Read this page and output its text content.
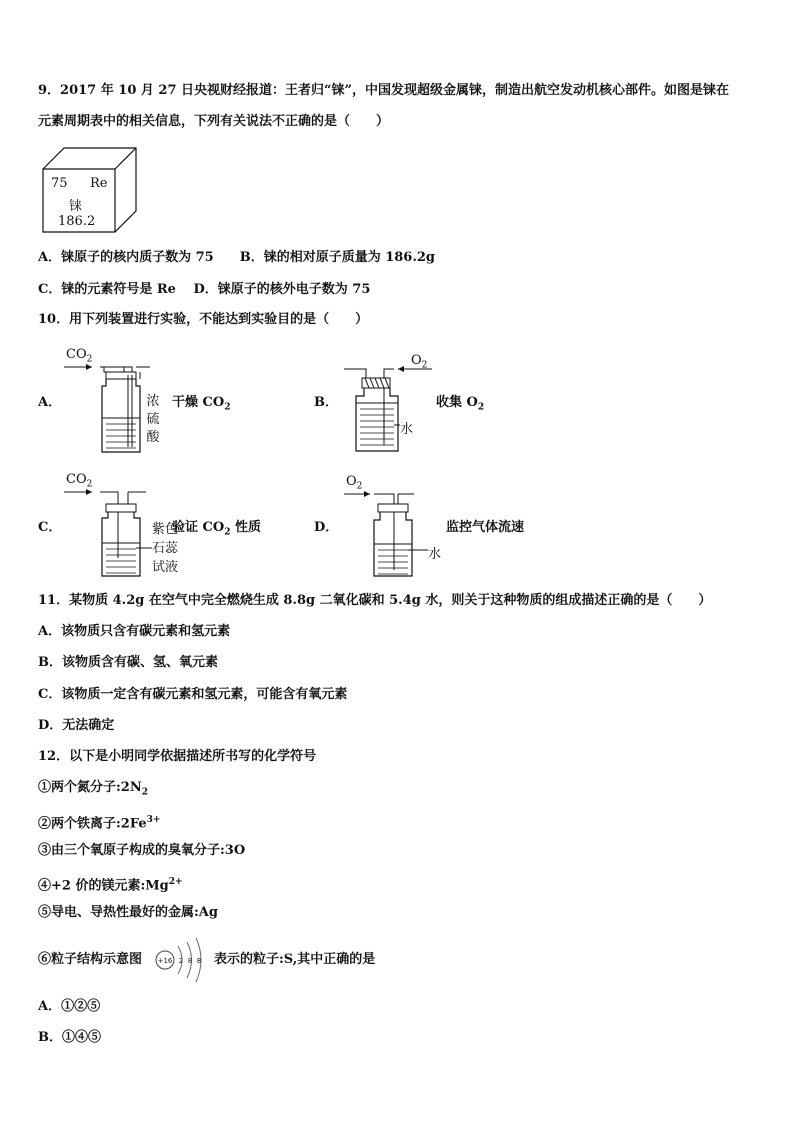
9．2017 年 10 月 27 日央视财经报道：王者归“铼”，中国发现超级金属铼，制造出航空发动机核心部件。如图是铼在
元素周期表中的相关信息，下列有关说法不正确的是（　　）
75 Re
铼
186.2
A．铼原子的核内质子数为 75　　B．铼的相对原子质量为 186.2g
C．铼的元素符号是 Re　 D．铼原子的核外电子数为 75
10．用下列装置进行实验，不能达到实验目的是（　　）
A．
$CO_2$
浓
硫
酸
干燥 $CO_2$	B．
$O_2$
水
收集 $O_2$
C．
$CO_2$
紫色
石蕊
试液
验证 $CO_2$ 性质	D．
$O_2$
水
监控气体流速
11．某物质 4.2g 在空气中完全燃烧生成 8.8g 二氧化碳和 5.4g 水，则关于这种物质的组成描述正确的是（　　）
A．该物质只含有碳元素和氢元素
B．该物质含有碳、氢、氧元素
C．该物质一定含有碳元素和氢元素，可能含有氧元素
D．无法确定
12．以下是小明同学依据描述所书写的化学符号
①两个氮分子$:2N_2$
②两个铁离子$:2Fe^{3+}$
③由三个氧原子构成的臭氧分子:3O
④+2 价的镁元素$:Mg^{2+}$
⑤导电、导热性最好的金属:Ag
⑥粒子结构示意图 +16 2 8 8 表示的粒子:S,其中正确的是
A．①②⑤
B．①④⑤
